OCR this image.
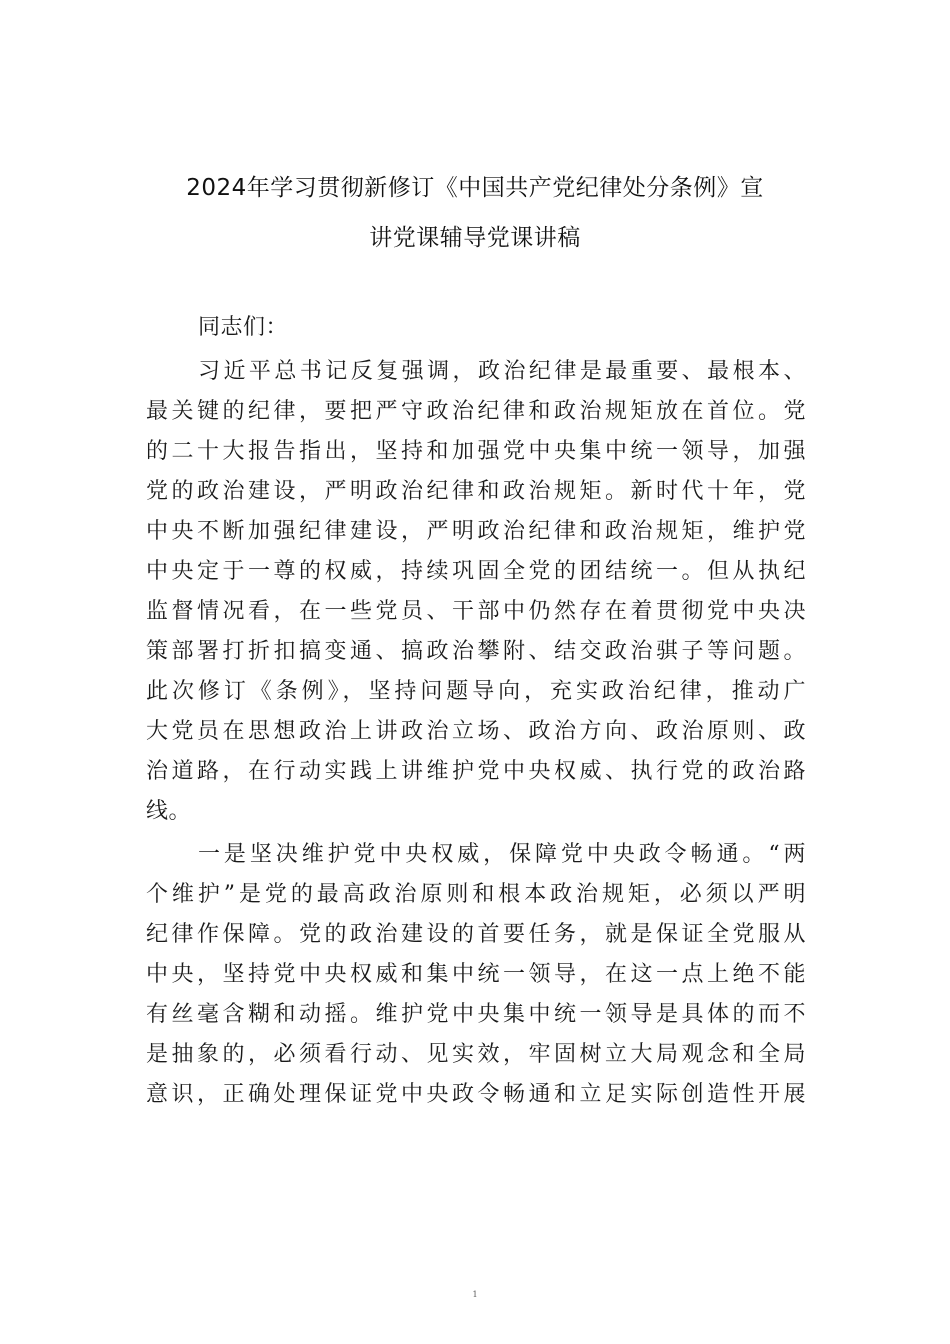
2024年学习贯彻新修订《中国共产党纪律处分条例》宣
讲党课辅导党课讲稿
同志们：
习近平总书记反复强调，政治纪律是最重要、最根本、
最关键的纪律，要把严守政治纪律和政治规矩放在首位。党
的二十大报告指出，坚持和加强党中央集中统一领导，加强
党的政治建设，严明政治纪律和政治规矩。新时代十年，党
中央不断加强纪律建设，严明政治纪律和政治规矩，维护党
中央定于一尊的权威，持续巩固全党的团结统一。但从执纪
监督情况看，在一些党员、干部中仍然存在着贯彻党中央决
策部署打折扣搞变通、搞政治攀附、结交政治骐子等问题。
此次修订《条例》，坚持问题导向，充实政治纪律，推动广
大党员在思想政治上讲政治立场、政治方向、政治原则、政
治道路，在行动实践上讲维护党中央权威、执行党的政治路
线。
一是坚决维护党中央权威，保障党中央政令畅通。“两
个维护”是党的最高政治原则和根本政治规矩，必须以严明
纪律作保障。党的政治建设的首要任务，就是保证全党服从
中央，坚持党中央权威和集中统一领导，在这一点上绝不能
有丝毫含糊和动摇。维护党中央集中统一领导是具体的而不
是抽象的，必须看行动、见实效，牢固树立大局观念和全局
意识，正确处理保证党中央政令畅通和立足实际创造性开展
1
